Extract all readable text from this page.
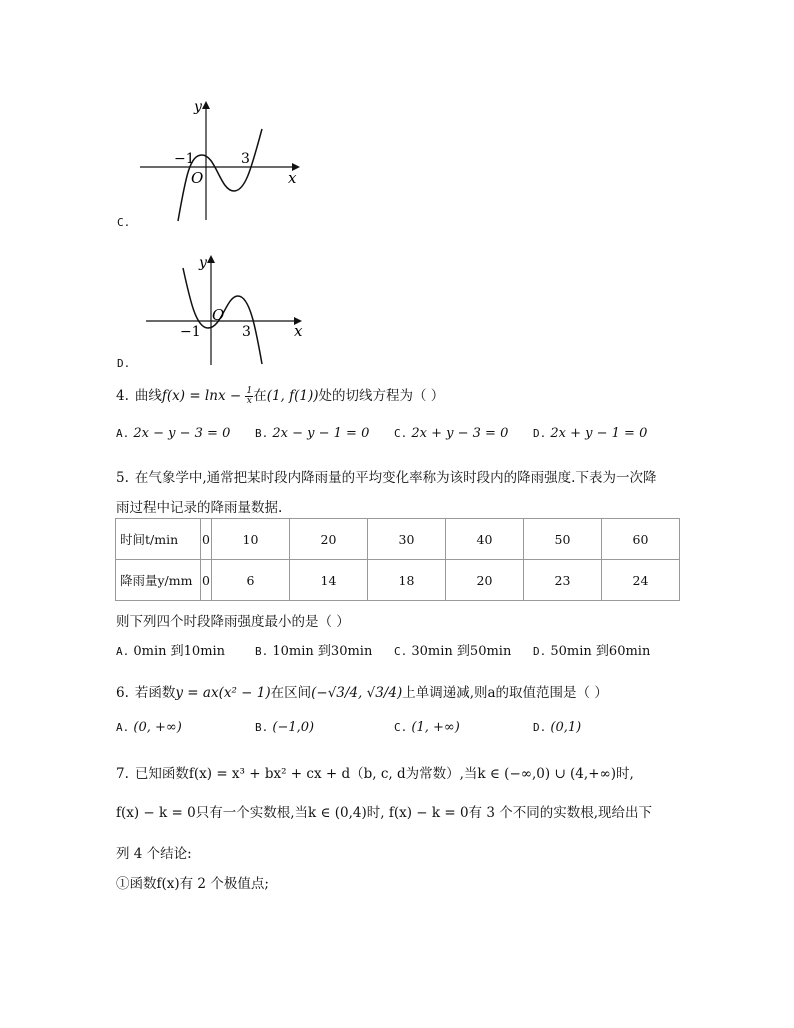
y
x
O
−1	3
C.
y
x
O
−1	3
D.
4. 曲线$f(x) = \ln x - \frac{1}{x}$ 在(1, f(1))处的切线方程为（ ）
A. 2x − y − 3 = 0 B. 2x − y − 1 = 0 C. 2x + y − 3 = 0 D. 2x + y − 1 = 0
5. 在气象学中,通常把某时段内降雨量的平均变化率称为该时段内的降雨强度.下表为一次降
雨过程中记录的降雨量数据.
时间t/min	0	10	20	30	40	50	60
降雨量y/mm	0	6	14	18	20	23	24
则下列四个时段降雨强度最小的是（ ）
A. 0min 到10min	B. 10min 到30min C. 30min 到50min D. 50min 到60min
6. 若函数y = ax(x² − 1)在区间(−√3/4, √3/4)上单调递减,则a的取值范围是（ ）
A. (0, +∞)	B. (−1,0)	C. (1, +∞)	D. (0,1)
7. 已知函数f(x) = x³ + bx² + cx + d（b, c, d为常数）,当k ∈ (−∞,0) ∪ (4,+∞)时,
f(x) − k = 0只有一个实数根,当k ∈ (0,4)时, f(x) − k = 0有 3 个不同的实数根,现给出下
列 4 个结论:
①函数f(x)有 2 个极值点;
